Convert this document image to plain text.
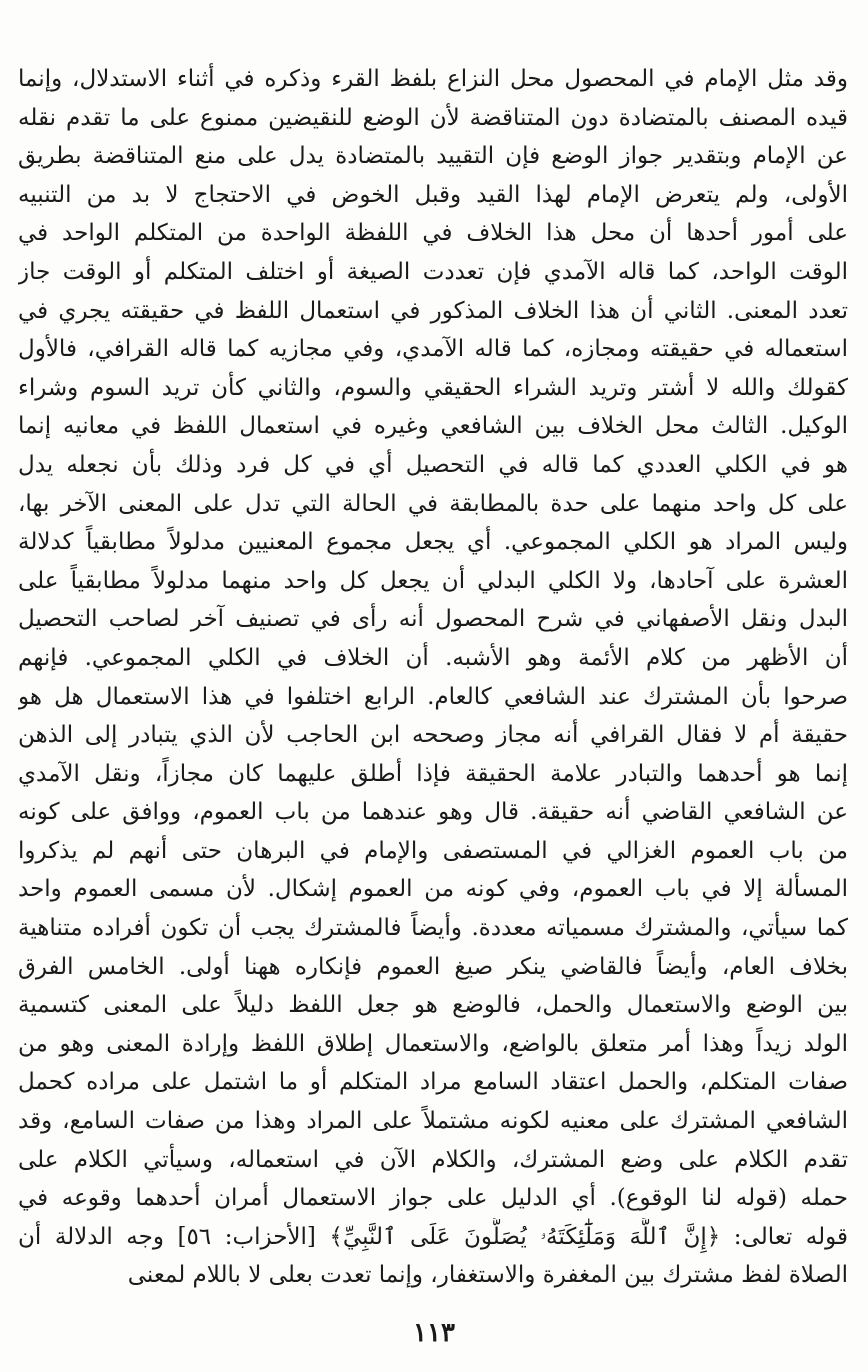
وقد مثل الإمام في المحصول محل النزاع بلفظ القرء وذكره في أثناء الاستدلال، وإنما
قيده المصنف بالمتضادة دون المتناقضة لأن الوضع للنقيضين ممنوع على ما تقدم نقله
عن الإمام وبتقدير جواز الوضع فإن التقييد بالمتضادة يدل على منع المتناقضة بطريق
الأولى، ولم يتعرض الإمام لهذا القيد وقبل الخوض في الاحتجاج لا بد من التنبيه
على أمور أحدها أن محل هذا الخلاف في اللفظة الواحدة من المتكلم الواحد في
الوقت الواحد، كما قاله الآمدي فإن تعددت الصيغة أو اختلف المتكلم أو الوقت جاز
تعدد المعنى. الثاني أن هذا الخلاف المذكور في استعمال اللفظ في حقيقته يجري في
استعماله في حقيقته ومجازه، كما قاله الآمدي، وفي مجازيه كما قاله القرافي، فالأول
كقولك والله لا أشتر وتريد الشراء الحقيقي والسوم، والثاني كأن تريد السوم وشراء
الوكيل. الثالث محل الخلاف بين الشافعي وغيره في استعمال اللفظ في معانيه إنما
هو في الكلي العددي كما قاله في التحصيل أي في كل فرد وذلك بأن نجعله يدل
على كل واحد منهما على حدة بالمطابقة في الحالة التي تدل على المعنى الآخر بها،
وليس المراد هو الكلي المجموعي. أي يجعل مجموع المعنيين مدلولاً مطابقياً كدلالة
العشرة على آحادها، ولا الكلي البدلي أن يجعل كل واحد منهما مدلولاً مطابقياً على
البدل ونقل الأصفهاني في شرح المحصول أنه رأى في تصنيف آخر لصاحب التحصيل
أن الأظهر من كلام الأئمة وهو الأشبه. أن الخلاف في الكلي المجموعي. فإنهم
صرحوا بأن المشترك عند الشافعي كالعام. الرابع اختلفوا في هذا الاستعمال هل هو
حقيقة أم لا فقال القرافي أنه مجاز وصححه ابن الحاجب لأن الذي يتبادر إلى الذهن
إنما هو أحدهما والتبادر علامة الحقيقة فإذا أطلق عليهما كان مجازاً، ونقل الآمدي
عن الشافعي القاضي أنه حقيقة. قال وهو عندهما من باب العموم، ووافق على كونه
من باب العموم الغزالي في المستصفى والإمام في البرهان حتى أنهم لم يذكروا
المسألة إلا في باب العموم، وفي كونه من العموم إشكال. لأن مسمى العموم واحد
كما سيأتي، والمشترك مسمياته معددة. وأيضاً فالمشترك يجب أن تكون أفراده متناهية
بخلاف العام، وأيضاً فالقاضي ينكر صيغ العموم فإنكاره ههنا أولى. الخامس الفرق
بين الوضع والاستعمال والحمل، فالوضع هو جعل اللفظ دليلاً على المعنى كتسمية
الولد زيداً وهذا أمر متعلق بالواضع، والاستعمال إطلاق اللفظ وإرادة المعنى وهو من
صفات المتكلم، والحمل اعتقاد السامع مراد المتكلم أو ما اشتمل على مراده كحمل
الشافعي المشترك على معنيه لكونه مشتملاً على المراد وهذا من صفات السامع، وقد
تقدم الكلام على وضع المشترك، والكلام الآن في استعماله، وسيأتي الكلام على
حمله (قوله لنا الوقوع). أي الدليل على جواز الاستعمال أمران أحدهما وقوعه في
قوله تعالى: ﴿إِنَّ ٱللَّهَ وَمَلَٰٓئِكَتَهُۥ يُصَلُّونَ عَلَى ٱلنَّبِيِّ﴾ [الأحزاب: ٥٦] وجه الدلالة أن
الصلاة لفظ مشترك بين المغفرة والاستغفار، وإنما تعدت بعلى لا باللام لمعنى
١١٣
